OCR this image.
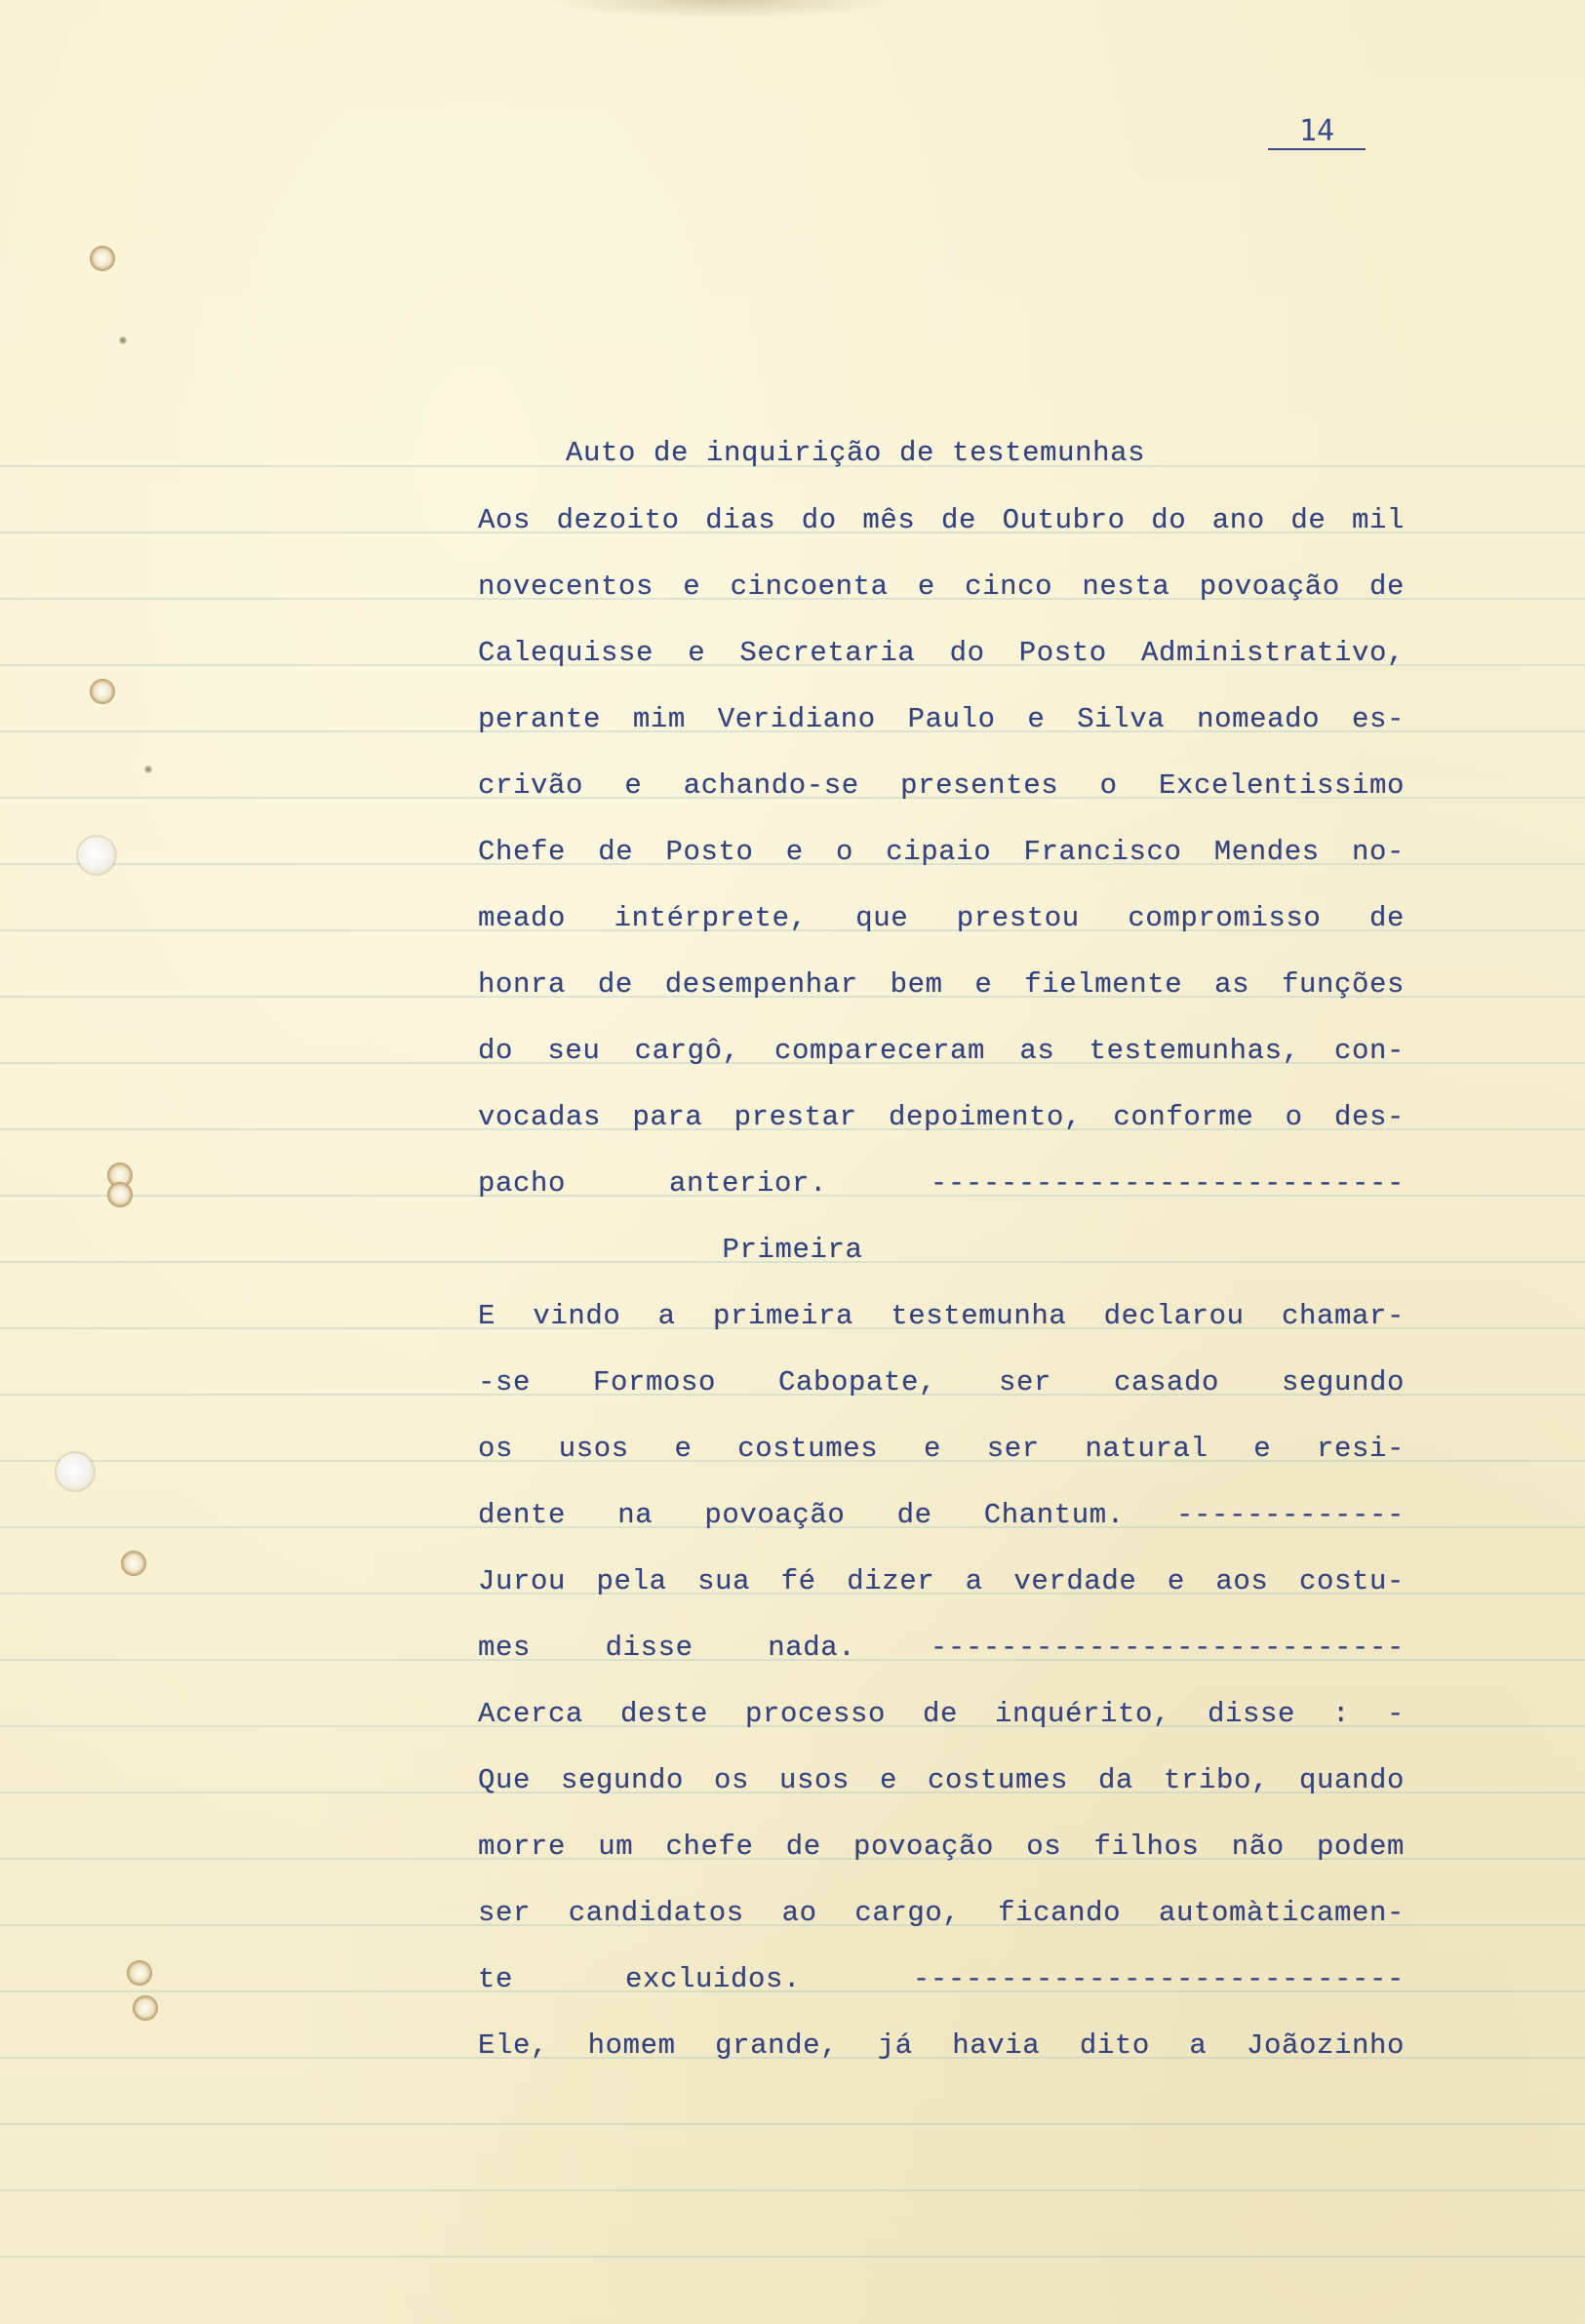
14
Auto de inquirição de testemunhas
Aos dezoito dias do mês de Outubro do ano de mil
novecentos e cincoenta e cinco nesta povoação de
Calequisse e Secretaria do Posto Administrativo,
perante mim Veridiano Paulo e Silva nomeado es-
crivão e achando-se presentes o Excelentissimo
Chefe de Posto e o cipaio Francisco Mendes no-
meado intérprete, que prestou compromisso de
honra de desempenhar bem e fielmente as funções
do seu cargô, compareceram as testemunhas, con-
vocadas para prestar depoimento, conforme o des-
pacho anterior. ---------------------------
Primeira
E vindo a primeira testemunha declarou chamar-
-se Formoso Cabopate, ser casado segundo
os usos e costumes e ser natural e resi-
dente na povoação de Chantum. -------------
Jurou pela sua fé dizer a verdade e aos costu-
mes disse nada. ---------------------------
Acerca deste processo de inquérito, disse : -
Que segundo os usos e costumes da tribo, quando
morre um chefe de povoação os filhos não podem
ser candidatos ao cargo, ficando automàticamen-
te excluidos. ----------------------------
Ele, homem grande, já havia dito a Joãozinho
